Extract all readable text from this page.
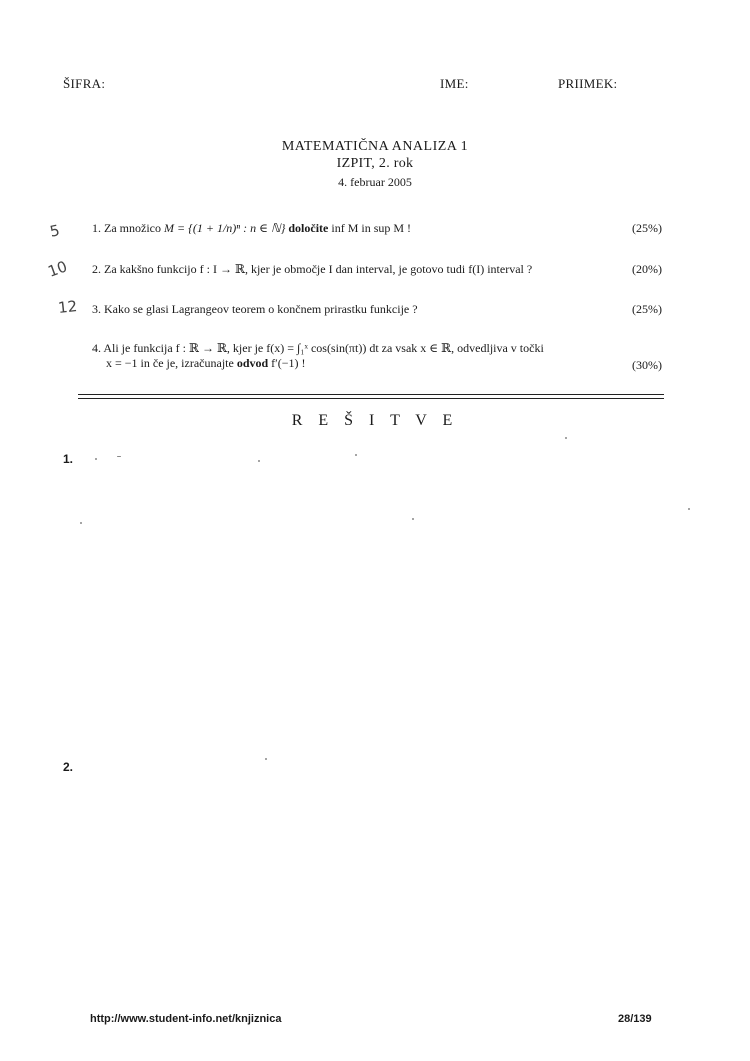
ŠIFRA:	IME:	PRIIMEK:
MATEMATIČNA ANALIZA 1
IZPIT, 2. rok
4. februar 2005
5	1. Za množico M = {(1 + 1/n)ⁿ : n ∈ ℕ} določite inf M in sup M !	(25%)
10 2. Za kakšno funkcijo f : I → ℝ, kjer je območje I dan interval, je gotovo tudi f(I) interval ?	(20%)
12 3. Kako se glasi Lagrangeov teorem o končnem prirastku funkcije ?	(25%)
4. Ali je funkcija f : ℝ → ℝ, kjer je f(x) = ∫₁ˣ cos(sin(πt)) dt za vsak x ∈ ℝ, odvedljiva v točki
x = −1 in če je, izračunajte odvod f′(−1) !	(30%)
R E Š I T V E
1.
2.
http://www.student-info.net/knjiznica	28/139
